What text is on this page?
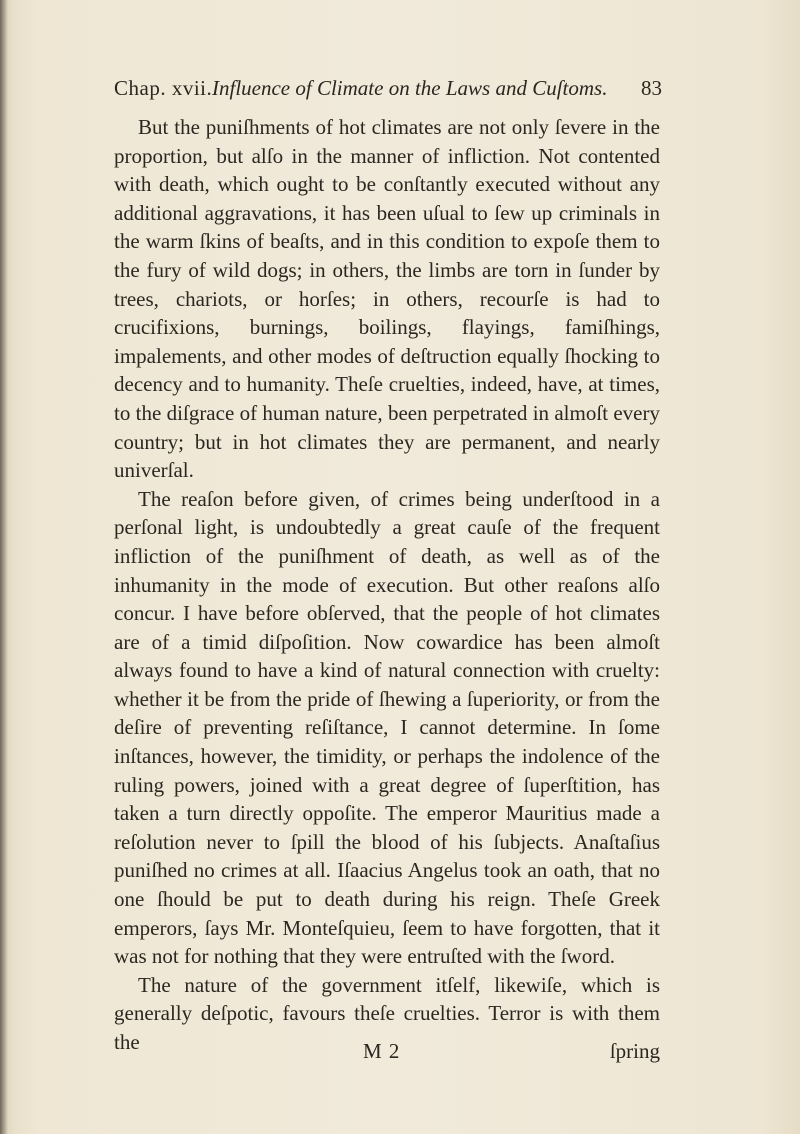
Chap. xvii. Influence of Climate on the Laws and Cuſtoms. 83

But the puniſhments of hot climates are not only ſevere in the proportion, but alſo in the manner of infliction. Not contented with death, which ought to be conſtantly executed without any additional aggravations, it has been uſual to ſew up criminals in the warm ſkins of beaſts, and in this condition to expoſe them to the fury of wild dogs; in others, the limbs are torn in ſunder by trees, chariots, or horſes; in others, recourſe is had to crucifixions, burnings, boilings, flayings, famiſhings, impalements, and other modes of deſtruction equally ſhocking to decency and to humanity. Theſe cruelties, indeed, have, at times, to the diſgrace of human nature, been perpetrated in almoſt every country; but in hot climates they are permanent, and nearly univerſal.

The reaſon before given, of crimes being underſtood in a perſonal light, is undoubtedly a great cauſe of the frequent infliction of the puniſhment of death, as well as of the inhumanity in the mode of execution. But other reaſons alſo concur. I have before obſerved, that the people of hot climates are of a timid diſpoſition. Now cowardice has been almoſt always found to have a kind of natural connection with cruelty: whether it be from the pride of ſhewing a ſuperiority, or from the deſire of preventing reſiſtance, I cannot determine. In ſome inſtances, however, the timidity, or perhaps the indolence of the ruling powers, joined with a great degree of ſuperſtition, has taken a turn directly oppoſite. The emperor Mauritius made a reſolution never to ſpill the blood of his ſubjects. Anaſtaſius puniſhed no crimes at all. Iſaacius Angelus took an oath, that no one ſhould be put to death during his reign. Theſe Greek emperors, ſays Mr. Monteſquieu, ſeem to have forgotten, that it was not for nothing that they were entruſted with the ſword.

The nature of the government itſelf, likewiſe, which is generally deſpotic, favours theſe cruelties. Terror is with them the	M 2	ſpring
